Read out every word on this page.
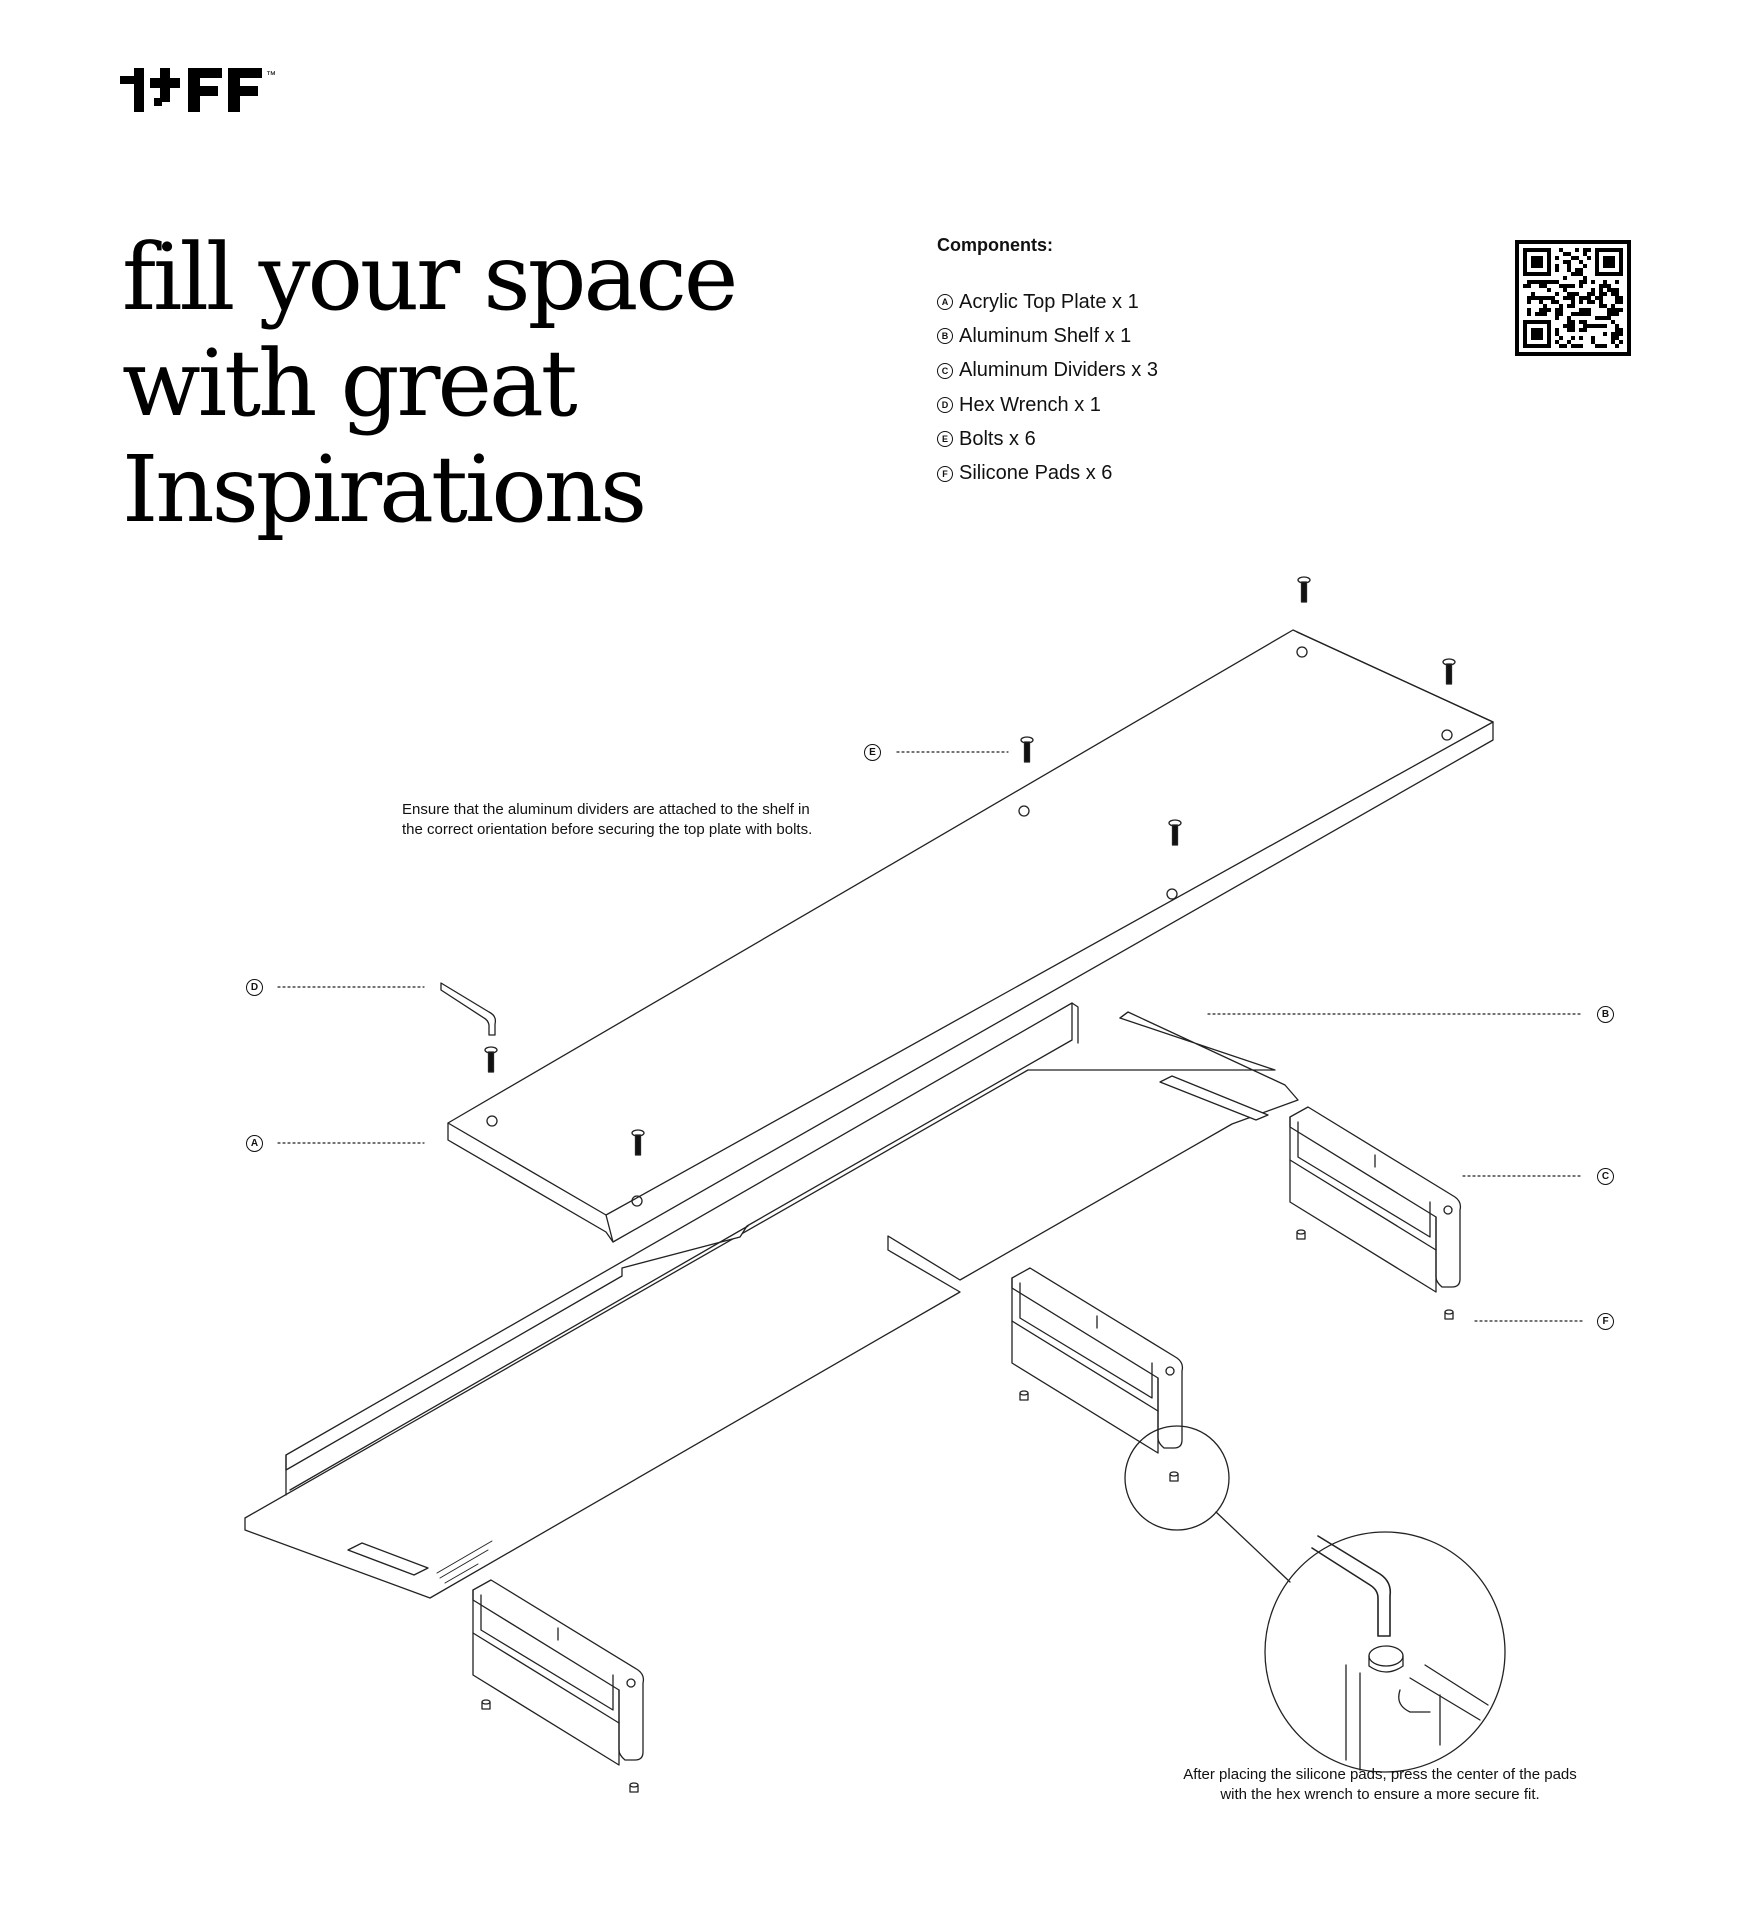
™
fill your space
with great
Inspirations
Components:
A Acrylic Top Plate x 1
B Aluminum Shelf x 1
C Aluminum Dividers x 3
D Hex Wrench x 1
E Bolts x 6
F Silicone Pads x 6
E
D
A
B
C
F
Ensure that the aluminum dividers are attached to the shelf in
the correct orientation before securing the top plate with bolts.
After placing the silicone pads, press the center of the pads
with the hex wrench to ensure a more secure fit.
